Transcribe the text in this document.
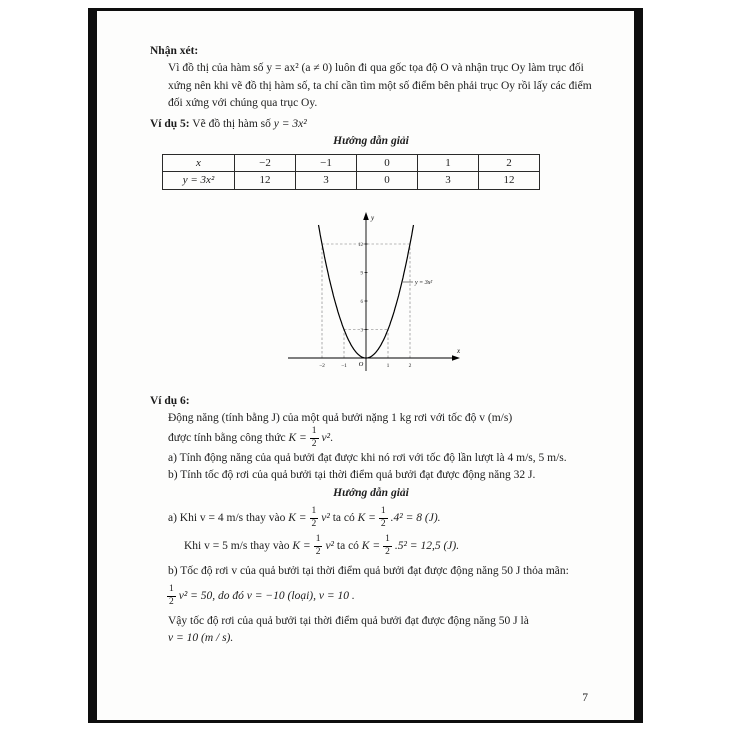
Nhận xét:

Vì đồ thị của hàm số y = ax² (a ≠ 0) luôn đi qua gốc tọa độ O và nhận trục Oy làm trục đối xứng nên khi vẽ đồ thị hàm số, ta chỉ cần tìm một số điểm bên phải trục Oy rồi lấy các điểm đối xứng với chúng qua trục Oy.

Ví dụ 5: Vẽ đồ thị hàm số y = 3x²

Hướng dẫn giải

x	−2	−1	0	1	2
y = 3x²	12	3	0	3	12
y
x
3
6
9
12
−2	−1	1	2
O
y = 3x²

Ví dụ 6:

Động năng (tính bằng J) của một quả bưởi nặng 1 kg rơi với tốc độ v (m/s)

được tính bằng công thức $K = \frac{1}{2} v^2$.

a) Tính động năng của quả bưởi đạt được khi nó rơi với tốc độ lần lượt là 4 m/s, 5 m/s.

b) Tính tốc độ rơi của quả bưởi tại thời điểm quả bưởi đạt được động năng 32 J.

Hướng dẫn giải

a) Khi v = 4 m/s thay vào $K = \frac{1}{2} v^2$ ta có $K = \frac{1}{2} .4^2 = 8$ (J).

Khi v = 5 m/s thay vào $K = \frac{1}{2} v^2$ ta có $K = \frac{1}{2} .5^2 = 12,5$ (J).

b) Tốc độ rơi v của quả bưởi tại thời điểm quả bưởi đạt được động năng 50 J thỏa mãn:

$\frac{1}{2} v^2 = 50$, do đó v = −10 (loại), v = 10 .

Vậy tốc độ rơi của quả bưởi tại thời điểm quả bưởi đạt được động năng 50 J là

v = 10 (m / s).

7
